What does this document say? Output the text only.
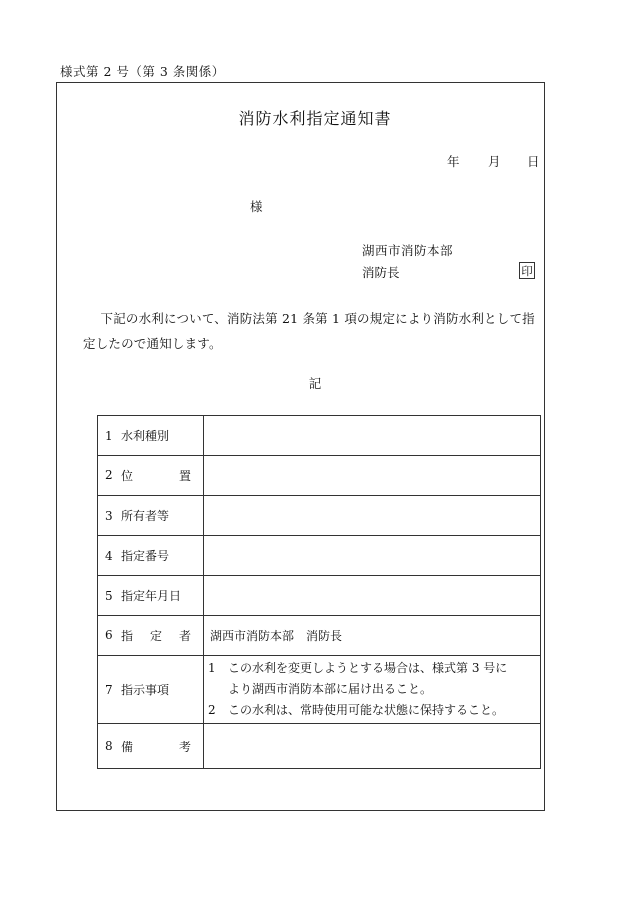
様式第 2 号（第 3 条関係）
消防水利指定通知書
年 月 日
様
湖西市消防本部
消防長	印
下記の水利について、消防法第 21 条第 1 項の規定により消防水利として指定したので通知します。
記
1 水利種別	
2 位　置	
3 所有者等	
4 指定番号	
5 指定年月日	
6 指定者	湖西市消防本部　消防長
7 指示事項	1 この水利を変更しようとする場合は、様式第 3 号に
より湖西市消防本部に届け出ること。
2 この水利は、常時使用可能な状態に保持すること。

8 備　考	
